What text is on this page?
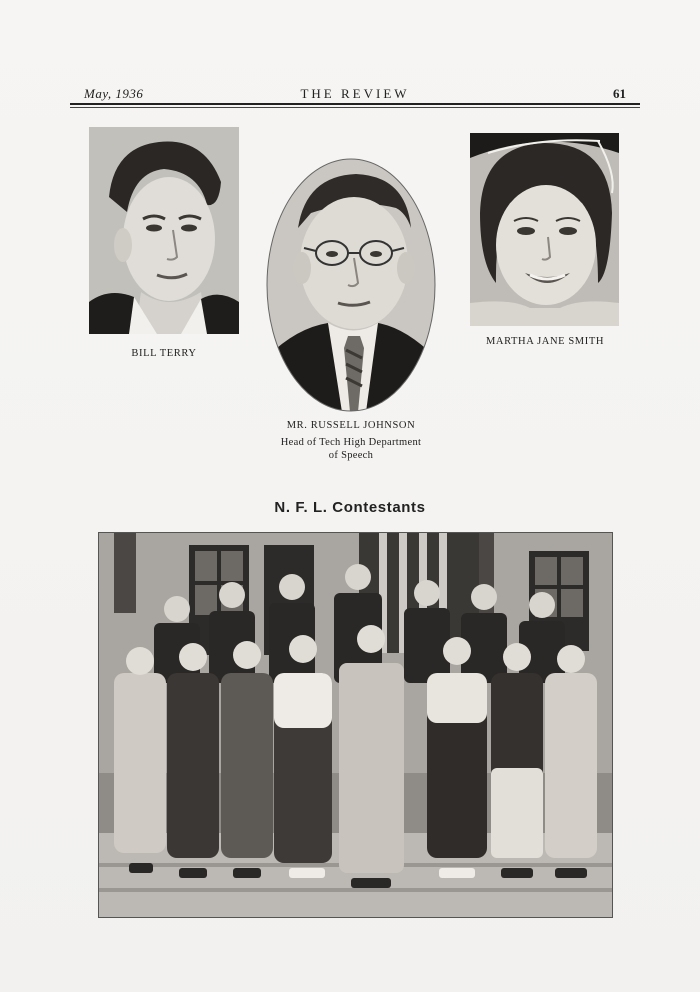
May, 1936	THE REVIEW	61
BILL TERRY
MR. RUSSELL JOHNSON
Head of Tech High Department
of Speech
MARTHA JANE SMITH
N. F. L. Contestants
